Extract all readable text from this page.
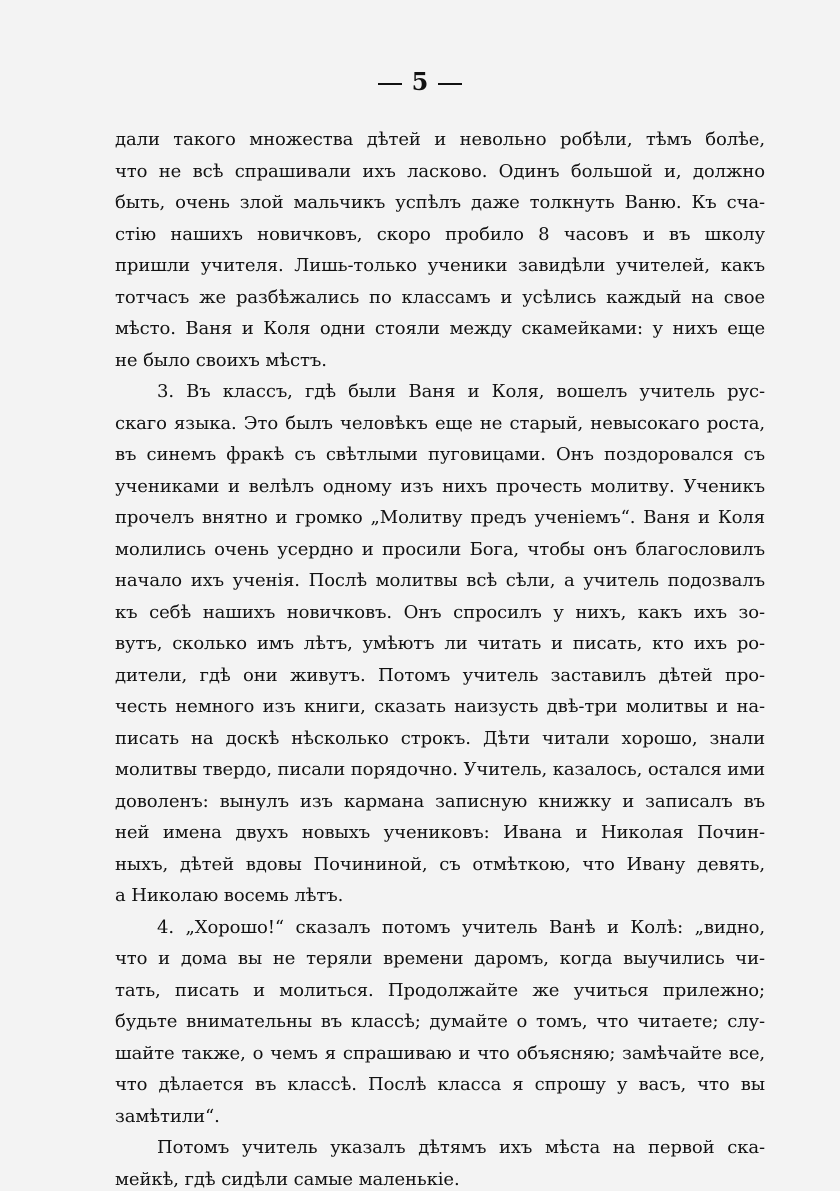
5
дали такого множества дѣтей и невольно робѣли, тѣмъ болѣе,
что не всѣ спрашивали ихъ ласково. Одинъ большой и, должно
быть, очень злой мальчикъ успѣлъ даже толкнуть Ваню. Къ сча-
стію нашихъ новичковъ, скоро пробило 8 часовъ и въ школу
пришли учителя. Лишь-только ученики завидѣли учителей, какъ
тотчасъ же разбѣжались по классамъ и усѣлись каждый на свое
мѣсто. Ваня и Коля одни стояли между скамейками: у нихъ еще
не было своихъ мѣстъ.
3. Въ классъ, гдѣ были Ваня и Коля, вошелъ учитель рус-
скаго языка. Это былъ человѣкъ еще не старый, невысокаго роста,
въ синемъ фракѣ съ свѣтлыми пуговицами. Онъ поздоровался съ
учениками и велѣлъ одному изъ нихъ прочесть молитву. Ученикъ
прочелъ внятно и громко „Молитву предъ ученіемъ“. Ваня и Коля
молились очень усердно и просили Бога, чтобы онъ благословилъ
начало ихъ ученія. Послѣ молитвы всѣ сѣли, а учитель подозвалъ
къ себѣ нашихъ новичковъ. Онъ спросилъ у нихъ, какъ ихъ зо-
вутъ, сколько имъ лѣтъ, умѣютъ ли читать и писать, кто ихъ ро-
дители, гдѣ они живутъ. Потомъ учитель заставилъ дѣтей про-
честь немного изъ книги, сказать наизусть двѣ-три молитвы и на-
писать на доскѣ нѣсколько строкъ. Дѣти читали хорошо, знали
молитвы твердо, писали порядочно. Учитель, казалось, остался ими
доволенъ: вынулъ изъ кармана записную книжку и записалъ въ
ней имена двухъ новыхъ учениковъ: Ивана и Николая Почин-
ныхъ, дѣтей вдовы Почининой, съ отмѣткою, что Ивану девять,
а Николаю восемь лѣтъ.
4. „Хорошо!“ сказалъ потомъ учитель Ванѣ и Колѣ: „видно,
что и дома вы не теряли времени даромъ, когда выучились чи-
тать, писать и молиться. Продолжайте же учиться прилежно;
будьте внимательны въ классѣ; думайте о томъ, что читаете; слу-
шайте также, о чемъ я спрашиваю и что объясняю; замѣчайте все,
что дѣлается въ классѣ. Послѣ класса я спрошу у васъ, что вы
замѣтили“.
Потомъ учитель указалъ дѣтямъ ихъ мѣста на первой ска-
мейкѣ, гдѣ сидѣли самые маленькіе.
